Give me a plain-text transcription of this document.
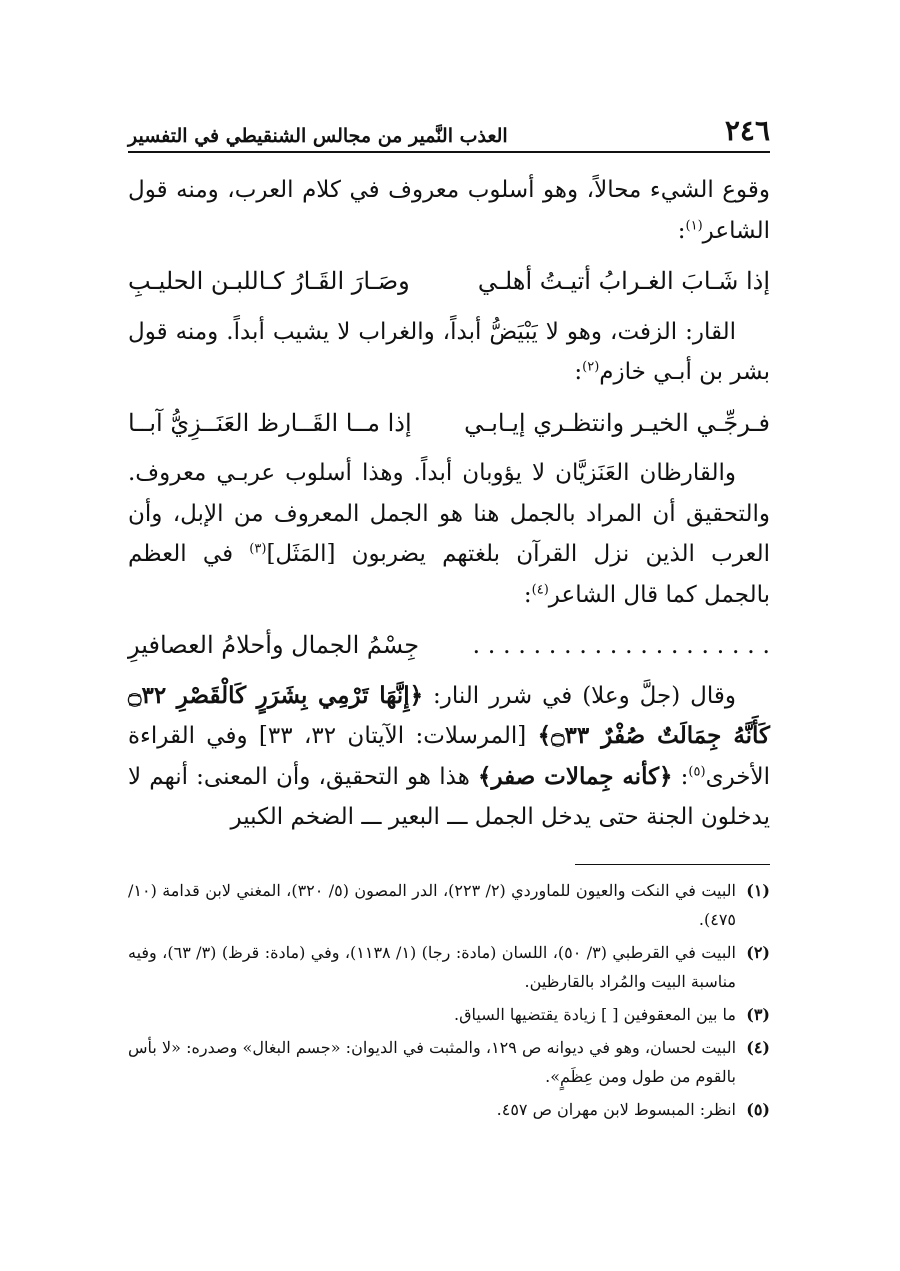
٢٤٦
العذب النَّمير من مجالس الشنقيطي في التفسير

وقوع الشيء محالاً، وهو أسلوب معروف في كلام العرب، ومنه قول الشاعر$^{(١)}$:

إذا شَـابَ الغـرابُ أتيـتُ أهلـي
وصَـارَ القَـارُ كـاللبـن الحليـبِ

القار: الزفت، وهو لا يَبْيَضُّ أبداً، والغراب لا يشيب أبداً. ومنه قول بشر بن أبـي خازم$^{(٢)}$:

فـرجِّـي الخيـر وانتظـري إيـابـي
إذا مــا القَــارظ العَنَــزِيُّ آبــا

والقارظان العَنَزيَّان لا يؤوبان أبداً. وهذا أسلوب عربـي معروف. والتحقيق أن المراد بالجمل هنا هو الجمل المعروف من الإبل، وأن العرب الذين نزل القرآن بلغتهم يضربون [المَثَل]$^{(٣)}$ في العظم بالجمل كما قال الشاعر$^{(٤)}$:

. . . . . . . . . . . . . . . . . . . .
جِسْمُ الجمال وأحلامُ العصافيرِ

وقال (جلَّ وعلا) في شرر النار: ﴿إِنَّهَا تَرْمِي بِشَرَرٍ كَالْقَصْرِ ۝٣٢ كَأَنَّهُ جِمَالَتٌ صُفْرٌ ۝٣٣﴾ [المرسلات: الآيتان ٣٢، ٣٣] وفي القراءة الأخرى$^{(٥)}$: ﴿كأنه جِمالات صفر﴾ هذا هو التحقيق، وأن المعنى: أنهم لا يدخلون الجنة حتى يدخل الجمل ـــ البعير ـــ الضخم الكبير

(١)
البيت في النكت والعيون للماوردي (٢/ ٢٢٣)، الدر المصون (٥/ ٣٢٠)، المغني لابن قدامة (١٠/ ٤٧٥).
(٢)
البيت في القرطبي (٣/ ٥٠)، اللسان (مادة: رجا) (١/ ١١٣٨)، وفي (مادة: قرظ) (٣/ ٦٣)، وفيه مناسبة البيت والمُراد بالقارظين.
(٣)
ما بين المعقوفين [ ] زيادة يقتضيها السياق.
(٤)
البيت لحسان، وهو في ديوانه ص ١٢٩، والمثبت في الديوان: «جسم البغال» وصدره: «لا بأس بالقوم من طول ومن عِظَمٍ».
(٥)
انظر: المبسوط لابن مهران ص ٤٥٧.
